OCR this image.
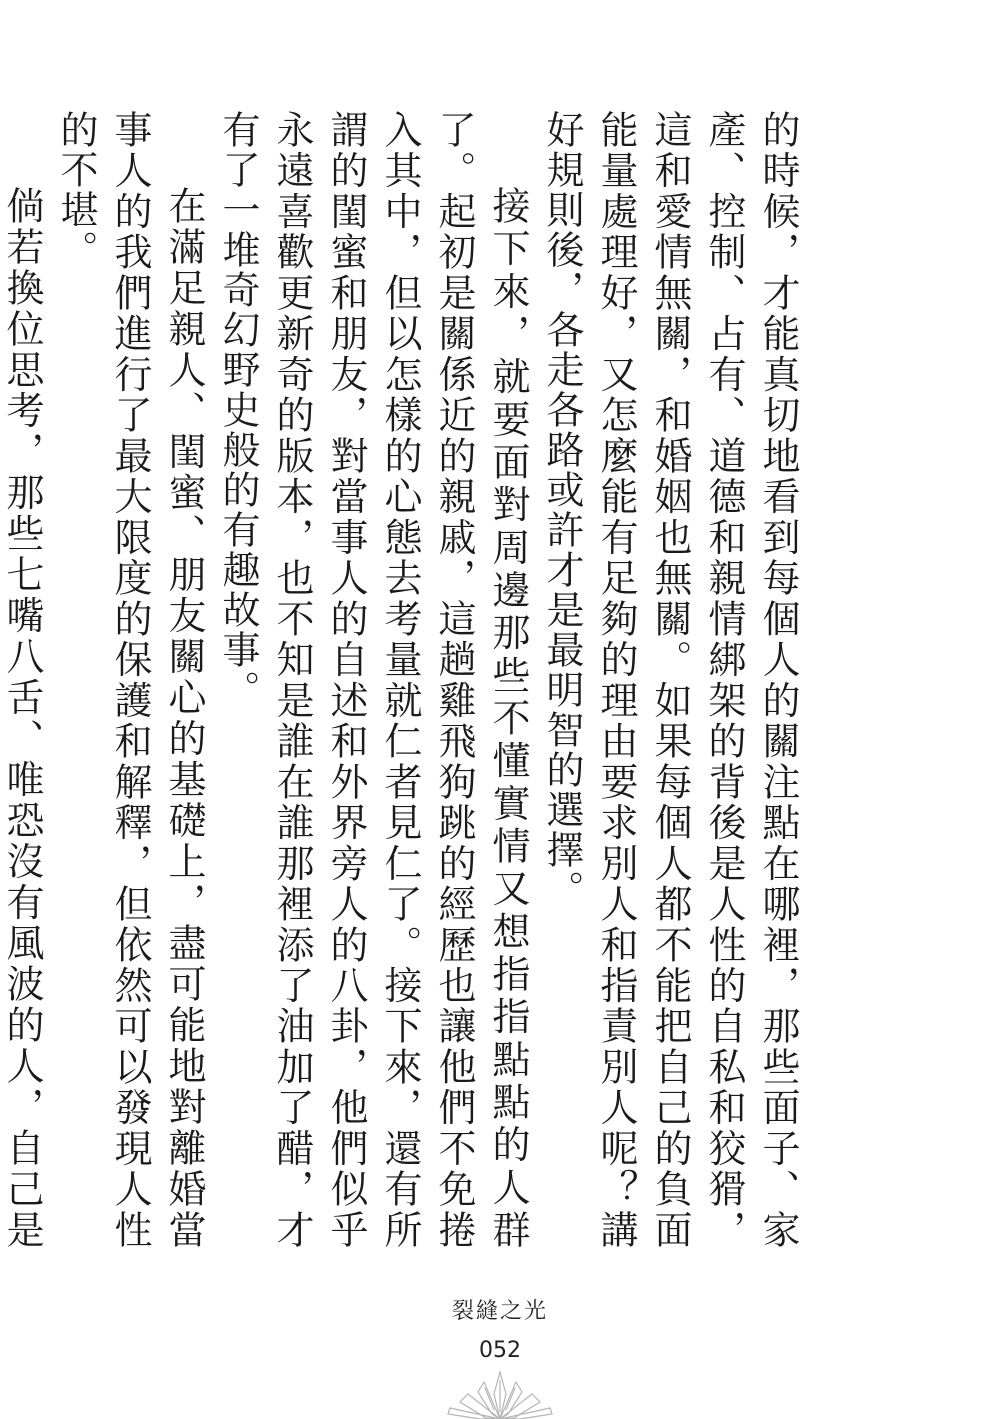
的時候，才能真切地看到每個人的關注點在哪裡，那些面子、家產、控制、占有、道德和親情綁架的背後是人性的自私和狡猾，這和愛情無關，和婚姻也無關。如果每個人都不能把自己的負面能量處理好，又怎麼能有足夠的理由要求別人和指責別人呢？講好規則後，各走各路或許才是最明智的選擇。

接下來，就要面對周邊那些不懂實情又想指指點點的人群了。起初是關係近的親戚，這趟雞飛狗跳的經歷也讓他們不免捲入其中，但以怎樣的心態去考量就仁者見仁了。接下來，還有所謂的閨蜜和朋友，對當事人的自述和外界旁人的八卦，他們似乎永遠喜歡更新奇的版本，也不知是誰在誰那裡添了油加了醋，才有了一堆奇幻野史般的有趣故事。

在滿足親人、閨蜜、朋友關心的基礎上，盡可能地對離婚當事人的我們進行了最大限度的保護和解釋，但依然可以發現人性的不堪。

倘若換位思考，那些七嘴八舌、唯恐沒有風波的人，自己是

裂縫之光
052
